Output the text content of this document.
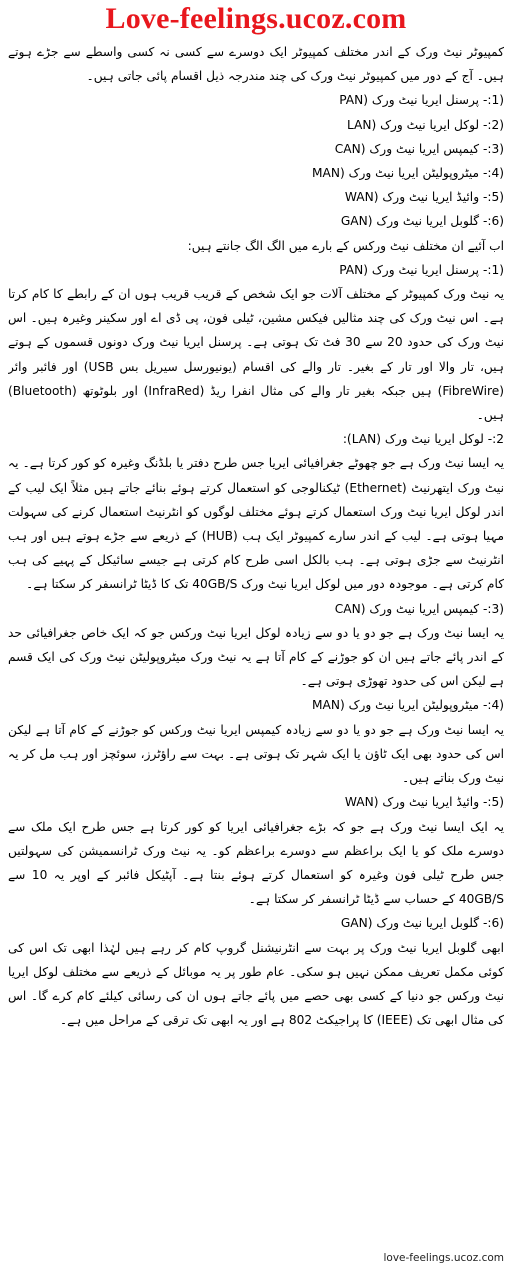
Love-feelings.ucoz.com

کمپیوٹر نیٹ ورک کے اندر مختلف کمپیوٹر ایک دوسرے سے کسی نہ کسی واسطے سے جڑے ہوتے ہیں۔ آج کے دور میں کمپیوٹر نیٹ ورک کی چند مندرجہ ذیل اقسام پائی جاتی ہیں۔

(1:- پرسنل ایریا نیٹ ورک (PAN

(2:- لوکل ایریا نیٹ ورک (LAN

(3:- کیمپس ایریا نیٹ ورک (CAN

(4:- میٹروپولیٹن ایریا نیٹ ورک (MAN

(5:- وائیڈ ایریا نیٹ ورک (WAN

(6:- گلوبل ایریا نیٹ ورک (GAN

اب آئیے ان مختلف نیٹ ورکس کے بارے میں الگ الگ جانتے ہیں:

(1:- پرسنل ایریا نیٹ ورک (PAN

یہ نیٹ ورک کمپیوٹر کے مختلف آلات جو ایک شخص کے قریب قریب ہوں ان کے رابطے کا کام کرتا ہے۔ اس نیٹ ورک کی چند مثالیں فیکس مشین، ٹیلی فون، پی ڈی اے اور سکینر وغیرہ ہیں۔ اس نیٹ ورک کی حدود 20 سے 30 فٹ تک ہوتی ہے۔ پرسنل ایریا نیٹ ورک دونوں قسموں کے ہوتے ہیں، تار والا اور تار کے بغیر۔ تار والے کی اقسام (یونیورسل سیریل بس USB) اور فائبر وائر (FibreWire) ہیں جبکہ بغیر تار والے کی مثال انفرا ریڈ (InfraRed) اور بلوٹوتھ (Bluetooth) ہیں۔

2:- لوکل ایریا نیٹ ورک (LAN):

یہ ایسا نیٹ ورک ہے جو چھوٹے جغرافیائی ایریا جس طرح دفتر یا بلڈنگ وغیرہ کو کور کرتا ہے۔ یہ نیٹ ورک ایتھرنیٹ (Ethernet) ٹیکنالوجی کو استعمال کرتے ہوئے بنائے جاتے ہیں مثلاً ایک لیب کے اندر لوکل ایریا نیٹ ورک استعمال کرتے ہوئے مختلف لوگوں کو انٹرنیٹ استعمال کرنے کی سہولت مہیا ہوتی ہے۔ لیب کے اندر سارے کمپیوٹر ایک ہب (HUB) کے ذریعے سے جڑے ہوتے ہیں اور ہب انٹرنیٹ سے جڑی ہوتی ہے۔ ہب بالکل اسی طرح کام کرتی ہے جیسے سائیکل کے پہیے کی ہب کام کرتی ہے۔ موجودہ دور میں لوکل ایریا نیٹ ورک 40GB/S تک کا ڈیٹا ٹرانسفر کر سکتا ہے۔

(3:- کیمپس ایریا نیٹ ورک (CAN

یہ ایسا نیٹ ورک ہے جو دو یا دو سے زیادہ لوکل ایریا نیٹ ورکس جو کہ ایک خاص جغرافیائی حد کے اندر پائے جاتے ہیں ان کو جوڑنے کے کام آتا ہے یہ نیٹ ورک میٹروپولیٹن نیٹ ورک کی ایک قسم ہے لیکن اس کی حدود تھوڑی ہوتی ہے۔

(4:- میٹروپولیٹن ایریا نیٹ ورک (MAN

یہ ایسا نیٹ ورک ہے جو دو یا دو سے زیادہ کیمپس ایریا نیٹ ورکس کو جوڑنے کے کام آتا ہے لیکن اس کی حدود بھی ایک ٹاؤن یا ایک شہر تک ہوتی ہے۔ بہت سے راؤٹرز، سوئچز اور ہب مل کر یہ نیٹ ورک بناتے ہیں۔

(5:- وائیڈ ایریا نیٹ ورک (WAN

یہ ایک ایسا نیٹ ورک ہے جو کہ بڑے جغرافیائی ایریا کو کور کرتا ہے جس طرح ایک ملک سے دوسرے ملک کو یا ایک براعظم سے دوسرے براعظم کو۔ یہ نیٹ ورک ٹرانسمیشن کی سہولتیں جس طرح ٹیلی فون وغیرہ کو استعمال کرتے ہوئے بنتا ہے۔ آپٹیکل فائبر کے اوپر یہ 10 سے 40GB/S کے حساب سے ڈیٹا ٹرانسفر کر سکتا ہے۔

(6:- گلوبل ایریا نیٹ ورک (GAN

ابھی گلوبل ایریا نیٹ ورک پر بہت سے انٹرنیشنل گروپ کام کر رہے ہیں لہٰذا ابھی تک اس کی کوئی مکمل تعریف ممکن نہیں ہو سکی۔ عام طور پر یہ موبائل کے ذریعے سے مختلف لوکل ایریا نیٹ ورکس جو دنیا کے کسی بھی حصے میں پائے جاتے ہوں ان کی رسائی کیلئے کام کرے گا۔ اس کی مثال ابھی تک (IEEE) کا پراجیکٹ 802 ہے اور یہ ابھی تک ترقی کے مراحل میں ہے۔

love-feelings.ucoz.com
